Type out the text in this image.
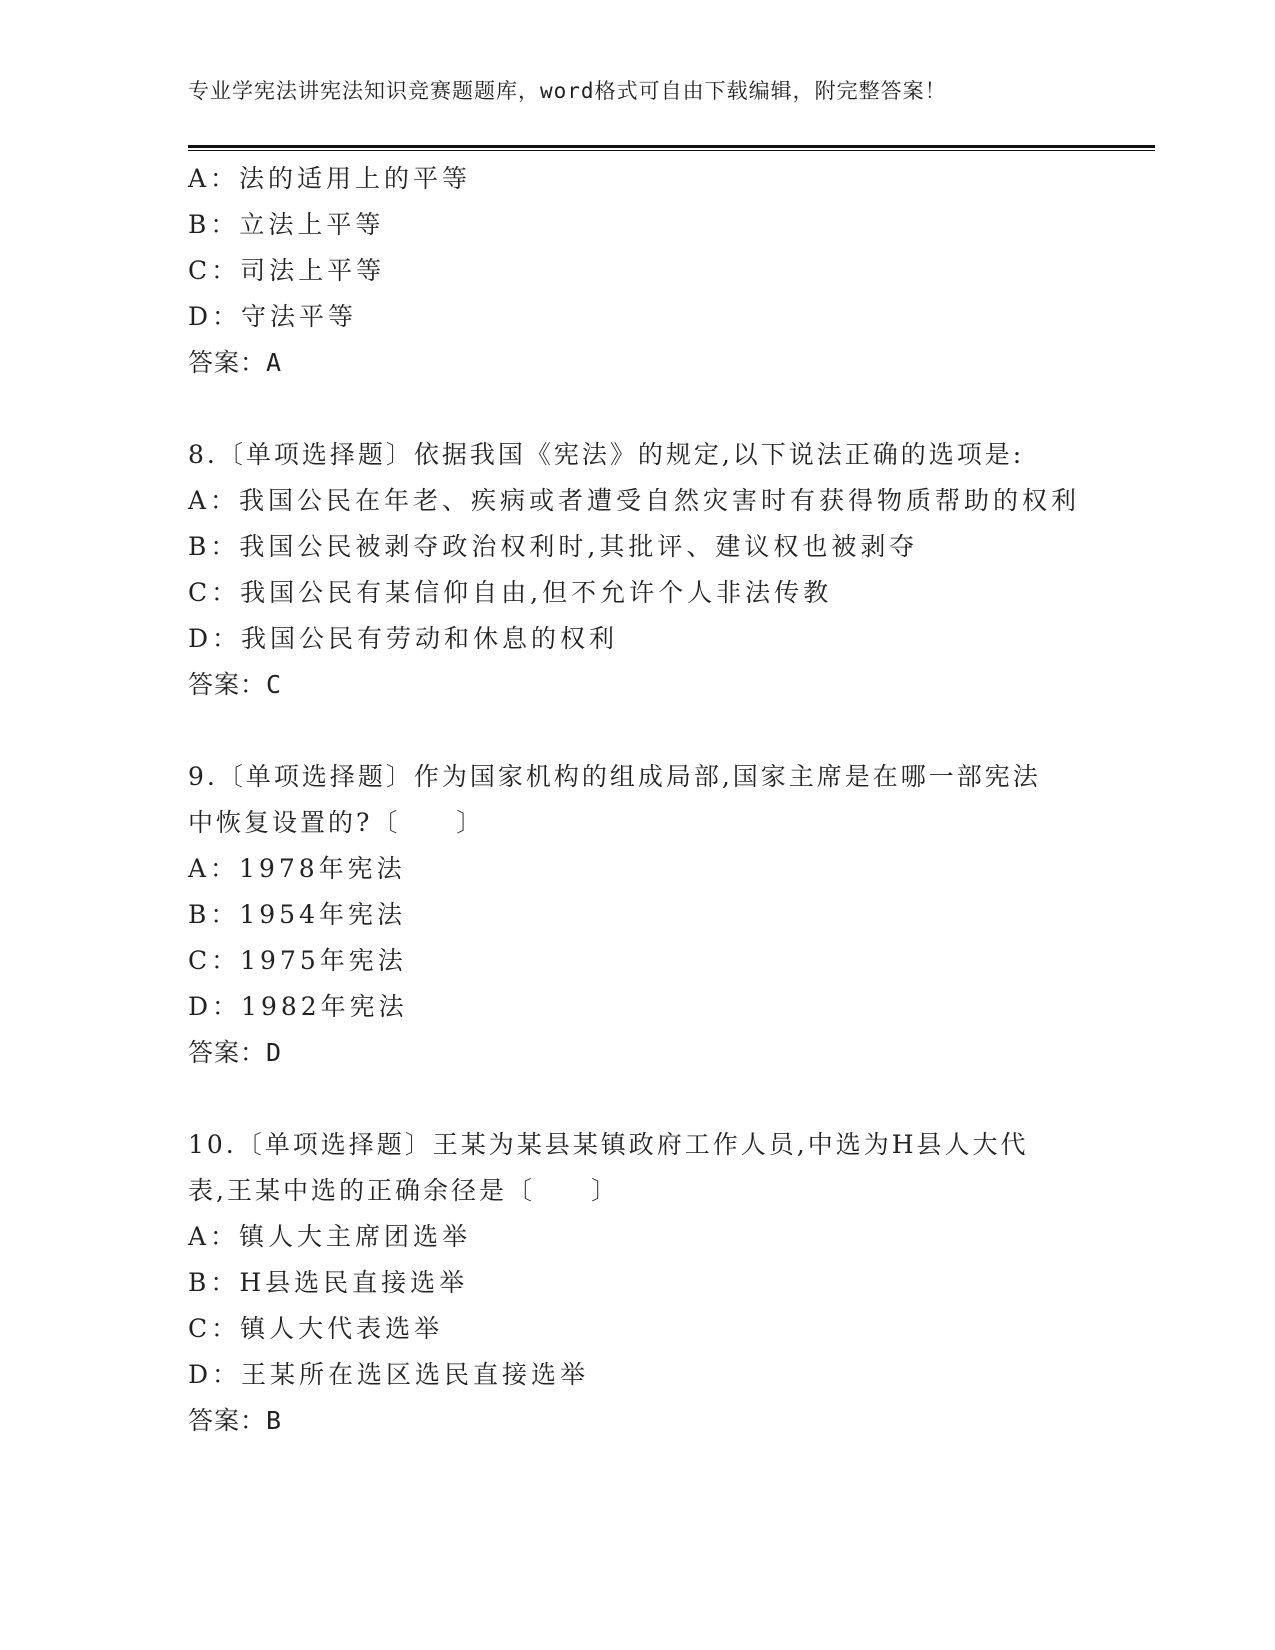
专业学宪法讲宪法知识竞赛题题库，word格式可自由下载编辑，附完整答案！
A：法的适用上的平等
B：立法上平等
C：司法上平等
D：守法平等
答案：A
8.〔单项选择题〕依据我国《宪法》的规定,以下说法正确的选项是:
A：我国公民在年老、疾病或者遭受自然灾害时有获得物质帮助的权利
B：我国公民被剥夺政治权利时,其批评、建议权也被剥夺
C：我国公民有某信仰自由,但不允许个人非法传教
D：我国公民有劳动和休息的权利
答案：C
9.〔单项选择题〕作为国家机构的组成局部,国家主席是在哪一部宪法
中恢复设置的?〔　　〕
A：1978年宪法
B：1954年宪法
C：1975年宪法
D：1982年宪法
答案：D
10.〔单项选择题〕王某为某县某镇政府工作人员,中选为H县人大代
表,王某中选的正确余径是〔　　〕
A：镇人大主席团选举
B：H县选民直接选举
C：镇人大代表选举
D：王某所在选区选民直接选举
答案：B
